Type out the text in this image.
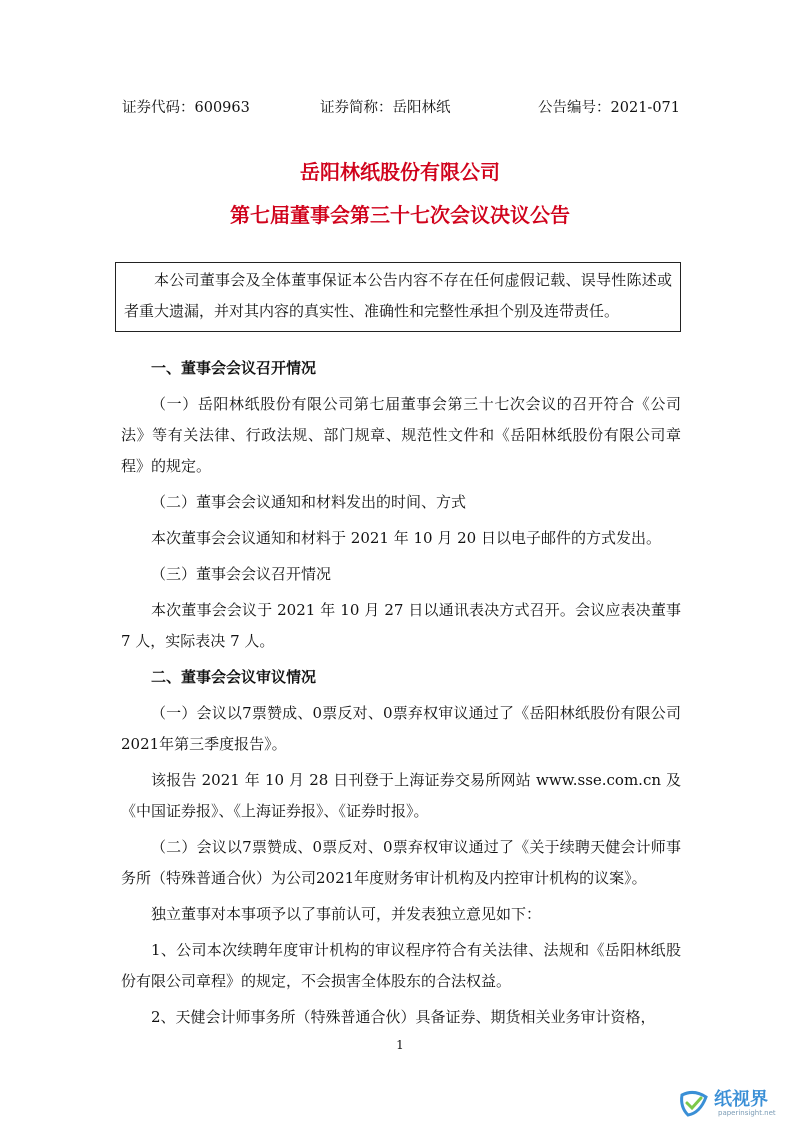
证券代码：600963	证券简称：岳阳林纸	公告编号：2021-071
岳阳林纸股份有限公司
第七届董事会第三十七次会议决议公告
本公司董事会及全体董事保证本公告内容不存在任何虚假记载、误导性陈述或者重大遗漏，并对其内容的真实性、准确性和完整性承担个别及连带责任。
一、董事会会议召开情况
（一）岳阳林纸股份有限公司第七届董事会第三十七次会议的召开符合《公司法》等有关法律、行政法规、部门规章、规范性文件和《岳阳林纸股份有限公司章程》的规定。
（二）董事会会议通知和材料发出的时间、方式
本次董事会会议通知和材料于 2021 年 10 月 20 日以电子邮件的方式发出。
（三）董事会会议召开情况
本次董事会会议于 2021 年 10 月 27 日以通讯表决方式召开。会议应表决董事 7 人，实际表决 7 人。
二、董事会会议审议情况
（一）会议以7票赞成、0票反对、0票弃权审议通过了《岳阳林纸股份有限公司2021年第三季度报告》。
该报告 2021 年 10 月 28 日刊登于上海证券交易所网站 www.sse.com.cn 及《中国证券报》、《上海证券报》、《证券时报》。
（二）会议以7票赞成、0票反对、0票弃权审议通过了《关于续聘天健会计师事务所（特殊普通合伙）为公司2021年度财务审计机构及内控审计机构的议案》。
独立董事对本事项予以了事前认可，并发表独立意见如下：
1、公司本次续聘年度审计机构的审议程序符合有关法律、法规和《岳阳林纸股份有限公司章程》的规定，不会损害全体股东的合法权益。
2、天健会计师事务所（特殊普通合伙）具备证券、期货相关业务审计资格，
1
纸视界
paperinsight.net
